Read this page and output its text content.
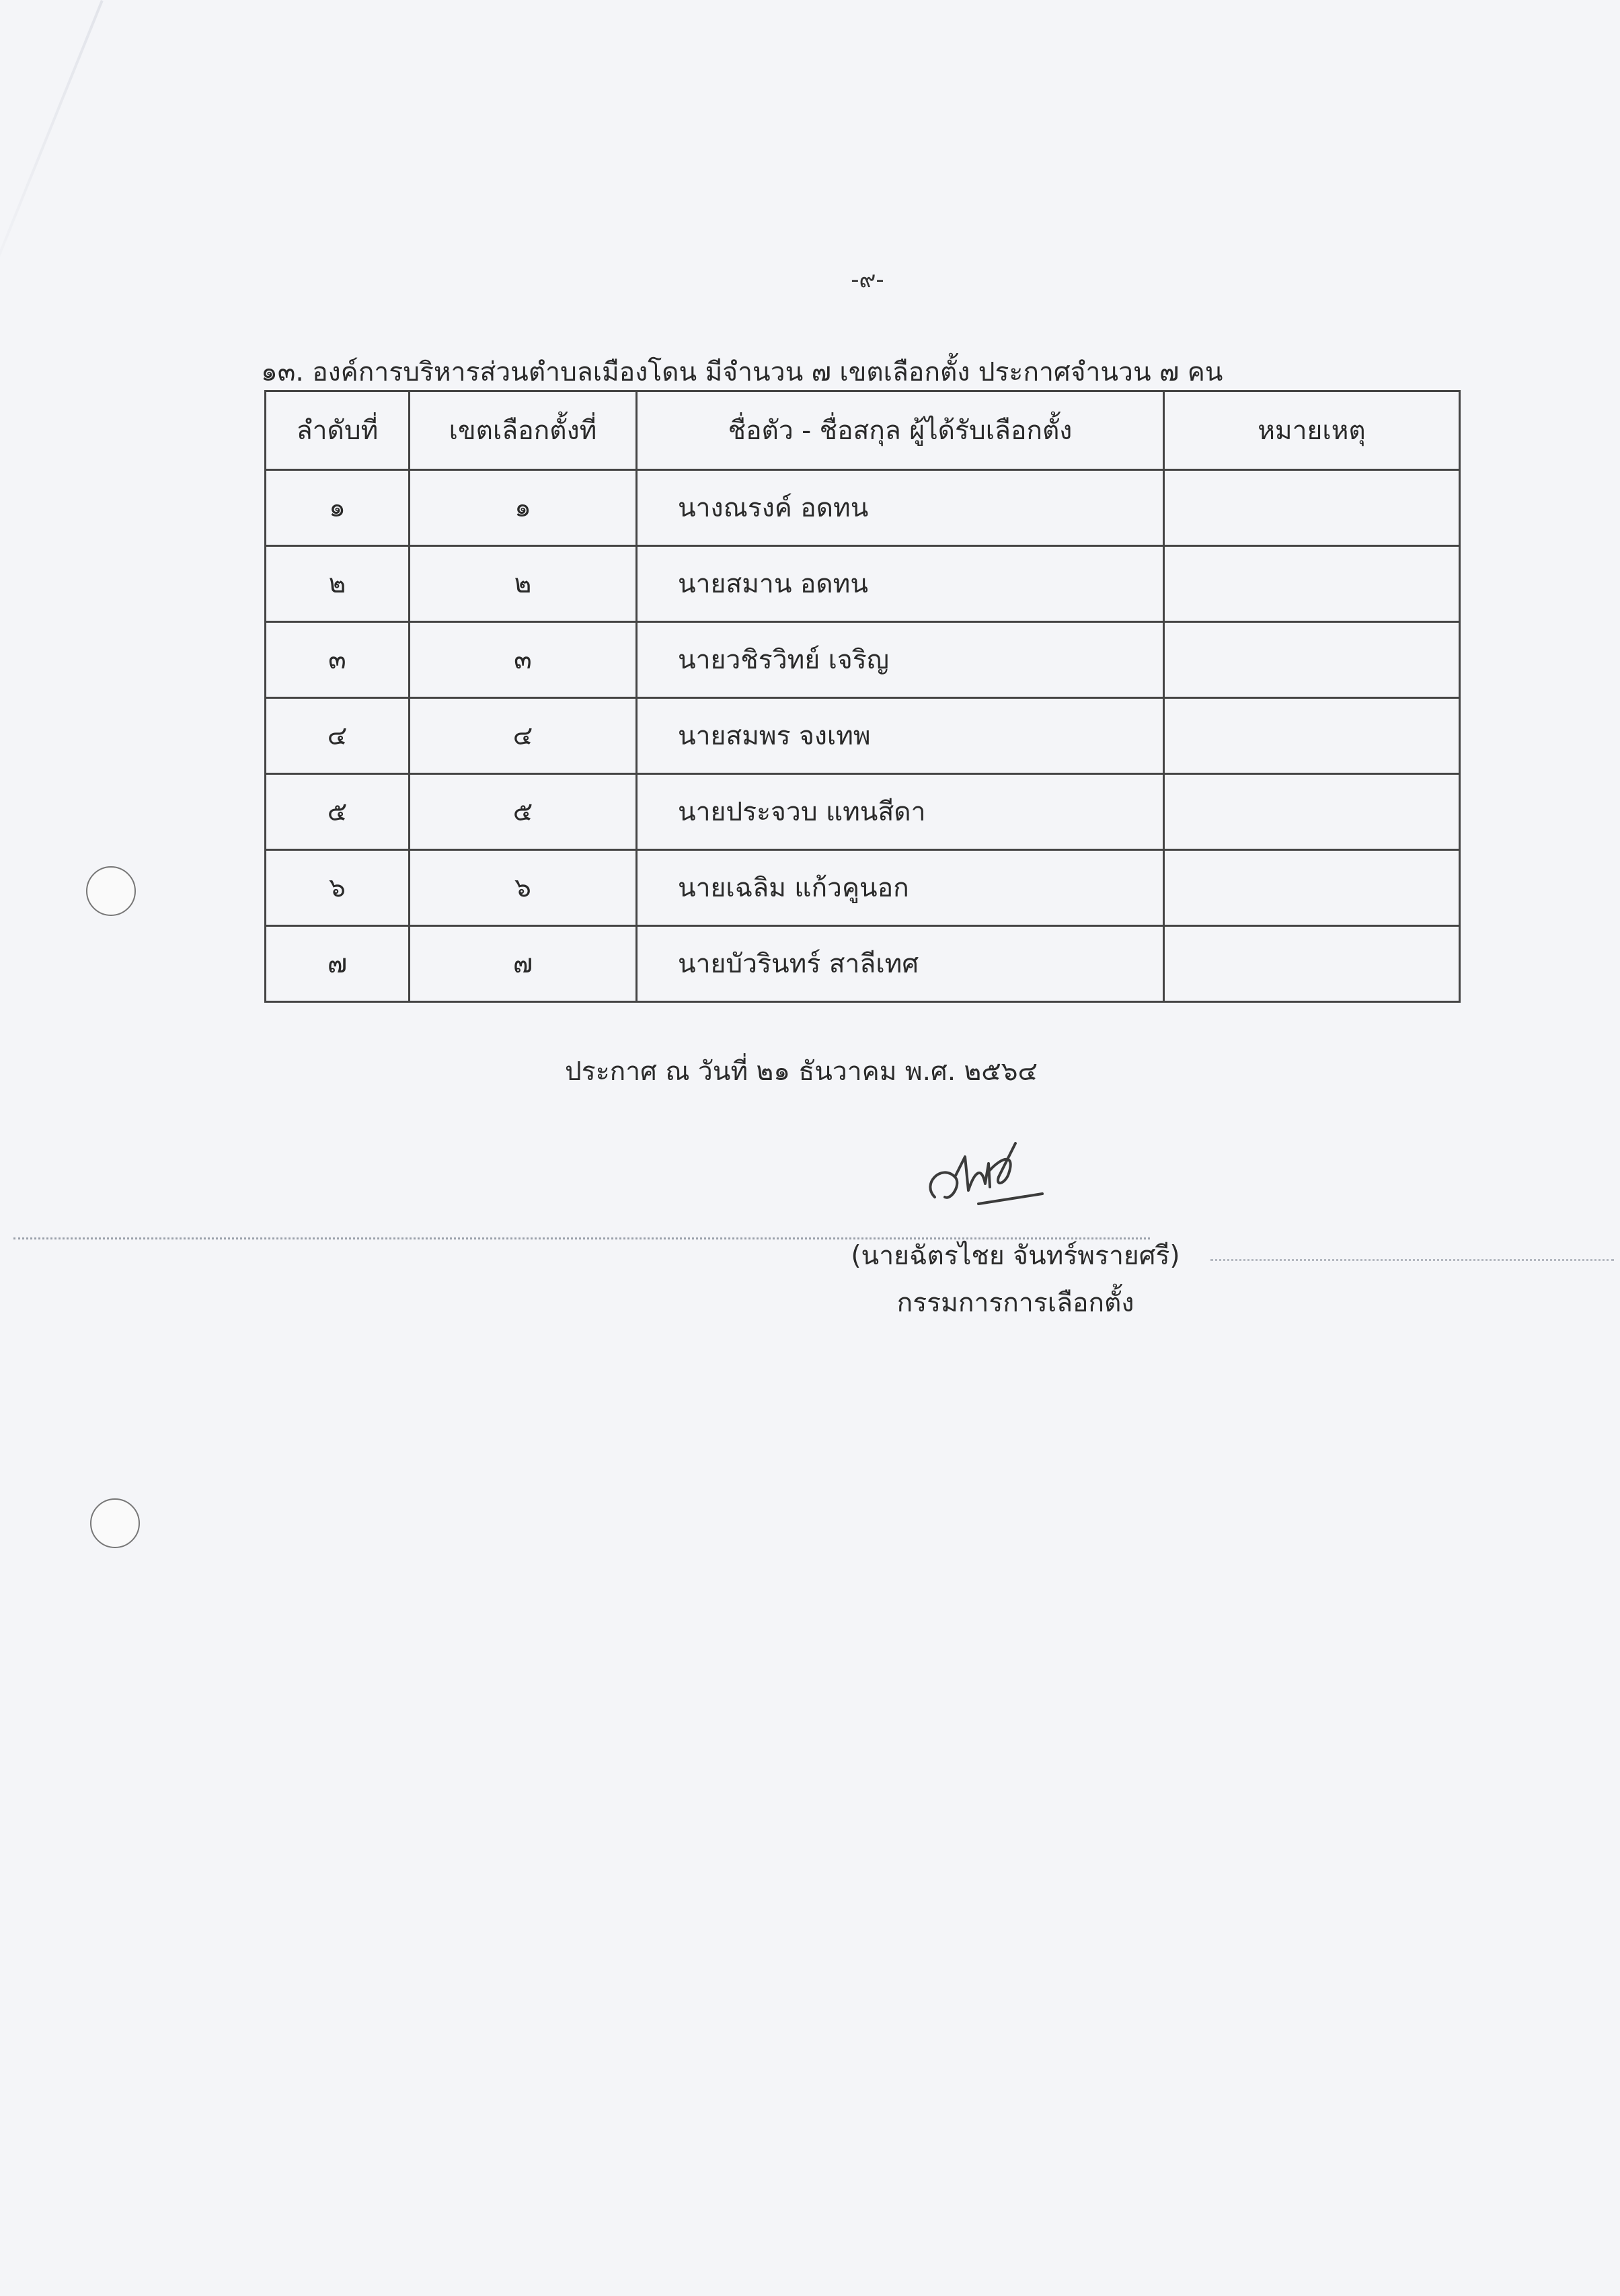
-๙-
๑๓. องค์การบริหารส่วนตำบลเมืองโดน มีจำนวน ๗ เขตเลือกตั้ง ประกาศจำนวน ๗ คน
ลำดับที่	เขตเลือกตั้งที่	ชื่อตัว - ชื่อสกุล ผู้ได้รับเลือกตั้ง	หมายเหตุ
๑	๑	นางณรงค์ อดทน	
๒	๒	นายสมาน อดทน	
๓	๓	นายวชิรวิทย์ เจริญ	
๔	๔	นายสมพร จงเทพ	
๕	๕	นายประจวบ แทนสีดา	
๖	๖	นายเฉลิม แก้วคูนอก	
๗	๗	นายบัวรินทร์ สาลีเทศ	
ประกาศ ณ วันที่ ๒๑ ธันวาคม พ.ศ. ๒๕๖๔
(นายฉัตรไชย จันทร์พรายศรี)
กรรมการการเลือกตั้ง
